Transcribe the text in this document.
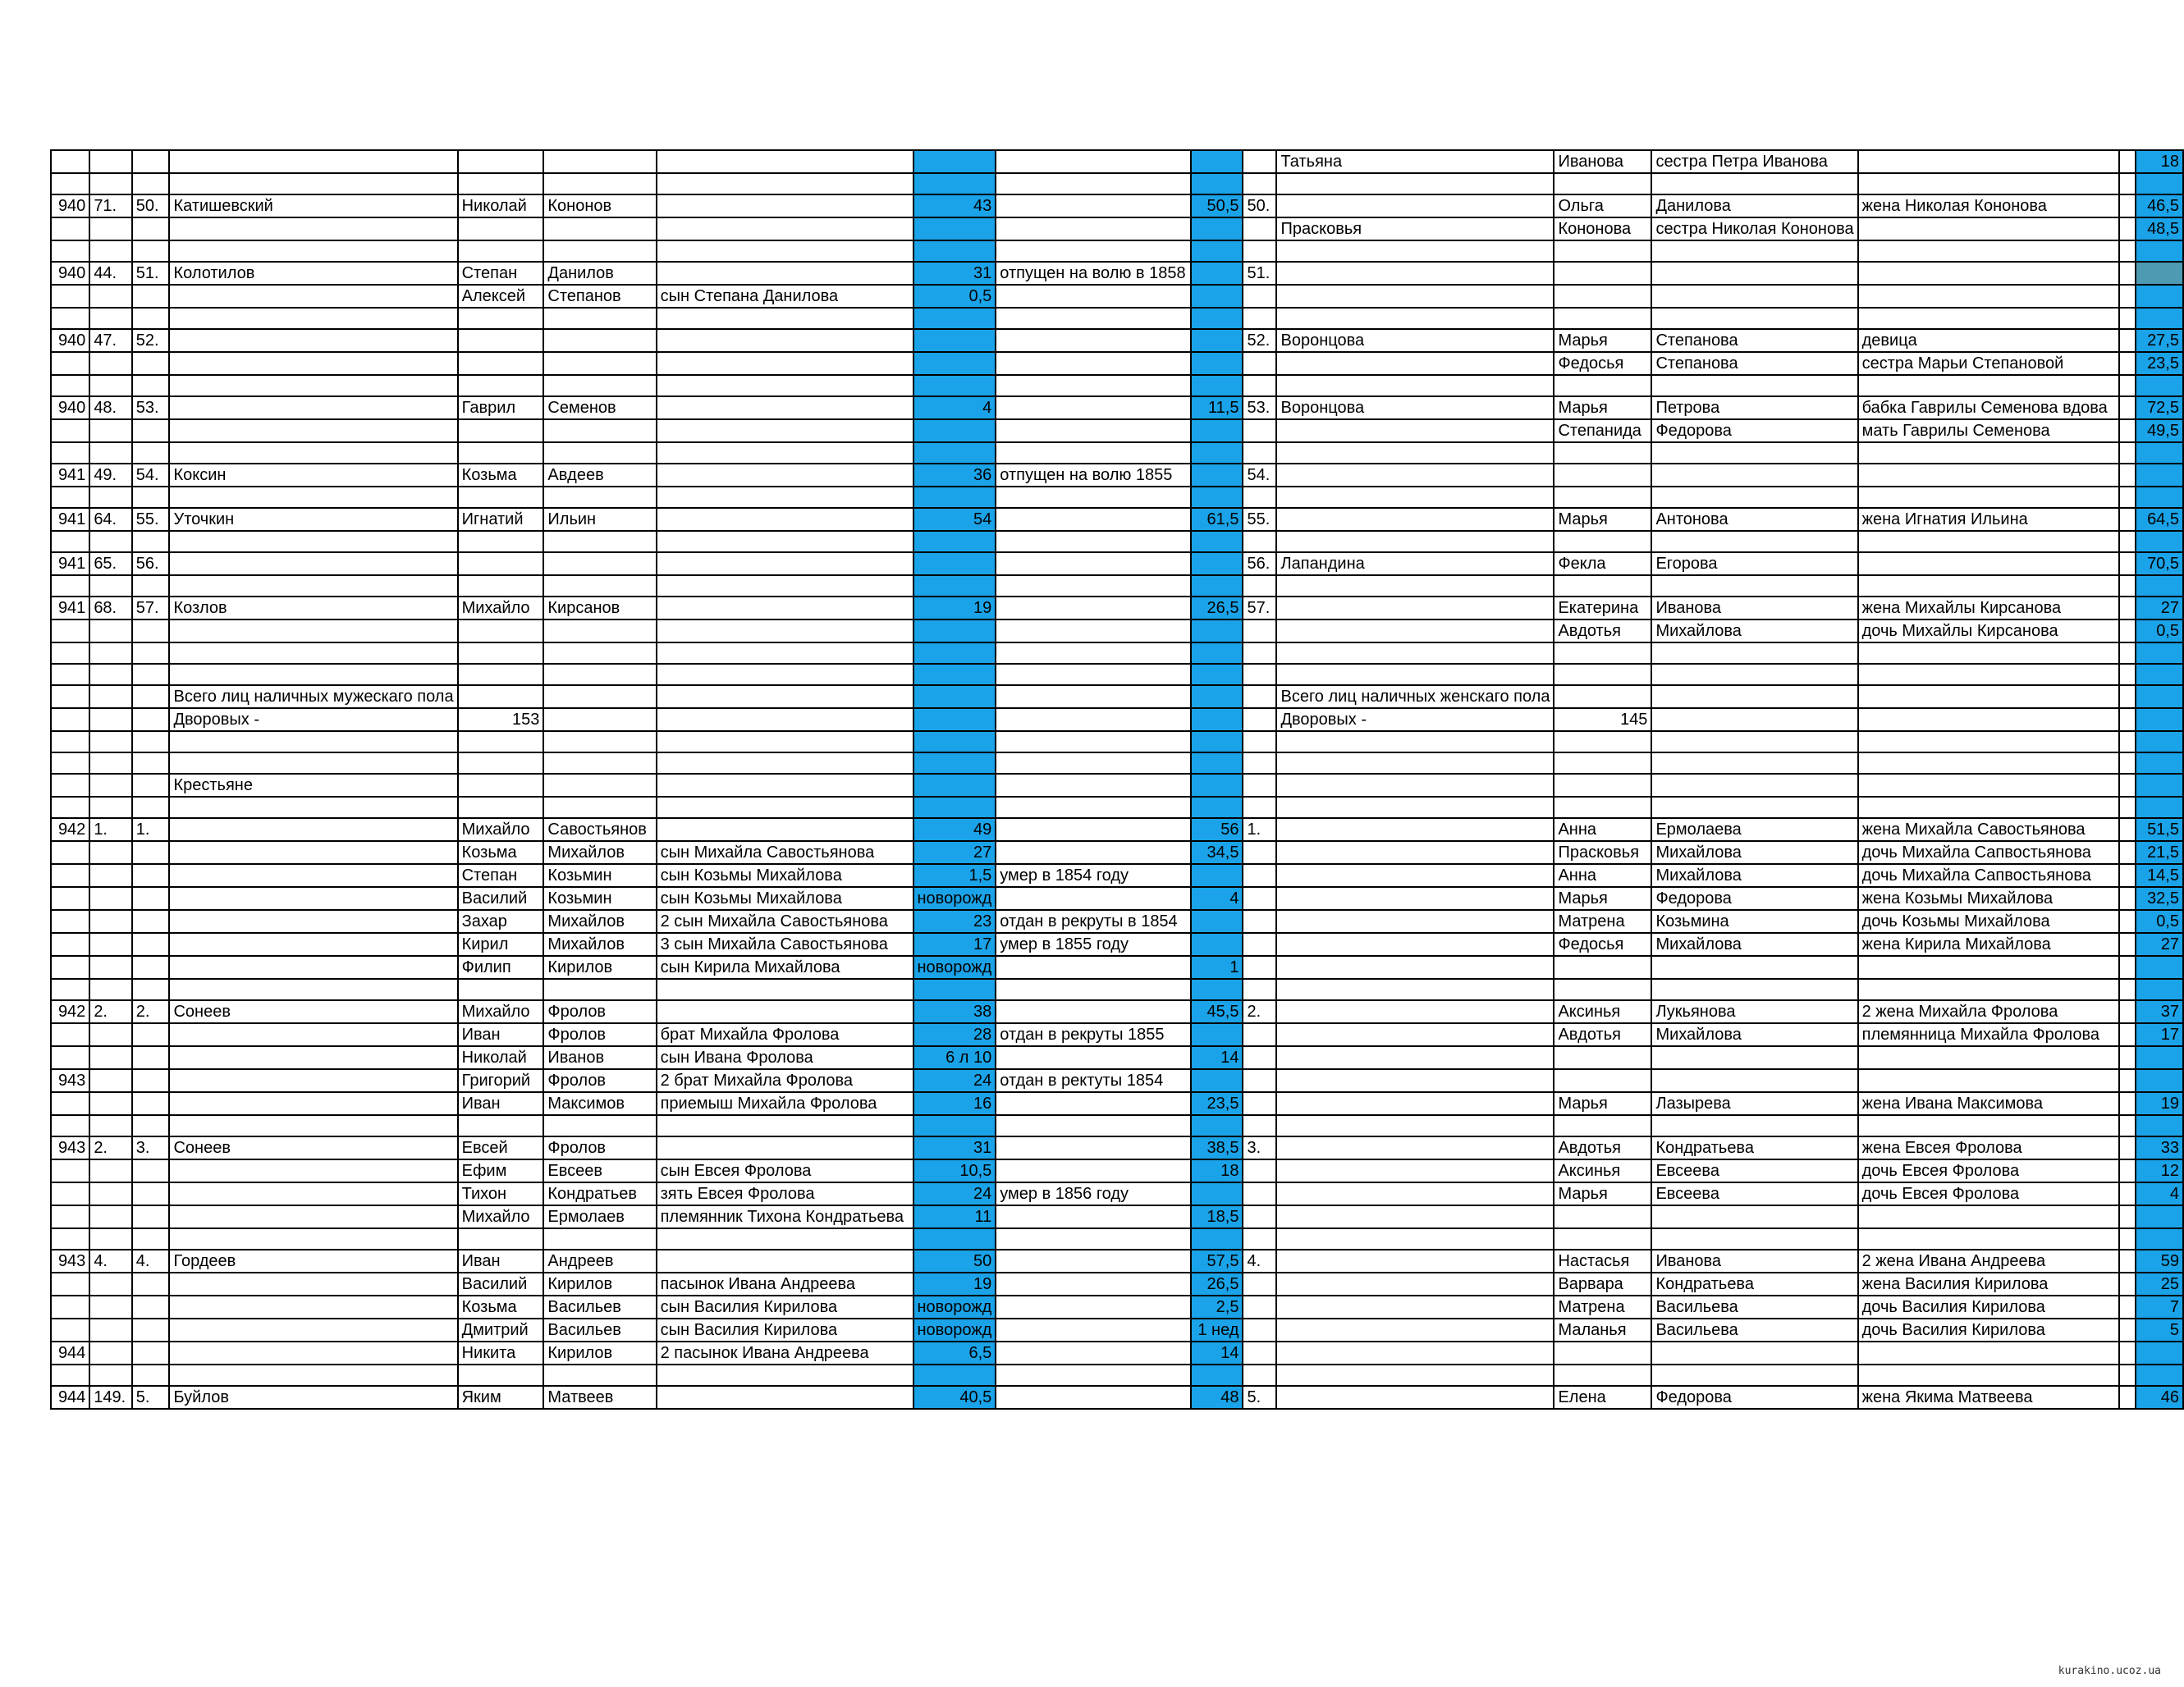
											Татьяна	Иванова	сестра Петра Иванова			18

940	71.	50.	Катишевский	Николай	Кононов		43		50,5	50.		Ольга	Данилова	жена Николая Кононова		46,5
											Прасковья	Кононова	сестра Николая Кононова			48,5

940	44.	51.	Колотилов	Степан	Данилов		31	отпущен на волю в 1858		51.						
				Алексей	Степанов	сын Степана Данилова	0,5									

940	47.	52.								52.	Воронцова	Марья	Степанова	девица		27,5
												Федосья	Степанова	сестра Марьи Степановой		23,5

940	48.	53.		Гаврил	Семенов		4		11,5	53.	Воронцова	Марья	Петрова	бабка Гаврилы Семенова вдова		72,5
												Степанида	Федорова	мать Гаврилы Семенова		49,5

941	49.	54.	Коксин	Козьма	Авдеев		36	отпущен на волю 1855		54.						

941	64.	55.	Уточкин	Игнатий	Ильин		54		61,5	55.		Марья	Антонова	жена Игнатия Ильина		64,5

941	65.	56.								56.	Лапандина	Фекла	Егорова			70,5

941	68.	57.	Козлов	Михайло	Кирсанов		19		26,5	57.		Екатерина	Иванова	жена Михайлы Кирсанова		27
												Авдотья	Михайлова	дочь Михайлы Кирсанова		0,5

			Всего лиц наличных мужескаго пола								Всего лиц наличных женскаго пола					
			Дворовых -	153							Дворовых -	145				

			Крестьяне													

942	1.	1.		Михайло	Савостьянов		49		56	1.		Анна	Ермолаева	жена Михайла Савостьянова		51,5
				Козьма	Михайлов	сын Михайла Савостьянова	27		34,5			Прасковья	Михайлова	дочь Михайла Сапвостьянова		21,5
				Степан	Козьмин	сын Козьмы Михайлова	1,5	умер в 1854 году				Анна	Михайлова	дочь Михайла Сапвостьянова		14,5
				Василий	Козьмин	сын Козьмы Михайлова	новорожд		4			Марья	Федорова	жена Козьмы Михайлова		32,5
				Захар	Михайлов	2 сын Михайла Савостьянова	23	отдан в рекруты в 1854				Матрена	Козьмина	дочь Козьмы Михайлова		0,5
				Кирил	Михайлов	3 сын Михайла Савостьянова	17	умер в 1855 году				Федосья	Михайлова	жена Кирила Михайлова		27
				Филип	Кирилов	сын Кирила Михайлова	новорожд		1							

942	2.	2.	Сонеев	Михайло	Фролов		38		45,5	2.		Аксинья	Лукьянова	2 жена Михайла Фролова		37
				Иван	Фролов	брат Михайла Фролова	28	отдан в рекруты 1855				Авдотья	Михайлова	племянница Михайла Фролова		17
				Николай	Иванов	сын Ивана Фролова	6 л 10		14							
943				Григорий	Фролов	2 брат Михайла Фролова	24	отдан в ректуты 1854								
				Иван	Максимов	приемыш Михайла Фролова	16		23,5			Марья	Лазырева	жена Ивана Максимова		19

943	2.	3.	Сонеев	Евсей	Фролов		31		38,5	3.		Авдотья	Кондратьева	жена Евсея Фролова		33
				Ефим	Евсеев	сын Евсея Фролова	10,5		18			Аксинья	Евсеева	дочь Евсея Фролова		12
				Тихон	Кондратьев	зять Евсея Фролова	24	умер в 1856 году				Марья	Евсеева	дочь Евсея Фролова		4
				Михайло	Ермолаев	племянник Тихона Кондратьева	11		18,5							

943	4.	4.	Гордеев	Иван	Андреев		50		57,5	4.		Настасья	Иванова	2 жена Ивана Андреева		59
				Василий	Кирилов	пасынок Ивана Андреева	19		26,5			Варвара	Кондратьева	жена Василия Кирилова		25
				Козьма	Васильев	сын Василия Кирилова	новорожд		2,5			Матрена	Васильева	дочь Василия Кирилова		7
				Дмитрий	Васильев	сын Василия Кирилова	новорожд		1 нед			Маланья	Васильева	дочь Василия Кирилова		5
944				Никита	Кирилов	2 пасынок Ивана Андреева	6,5		14							

944	149.	5.	Буйлов	Яким	Матвеев		40,5		48	5.		Елена	Федорова	жена Якима Матвеева		46
kurakino.ucoz.ua
